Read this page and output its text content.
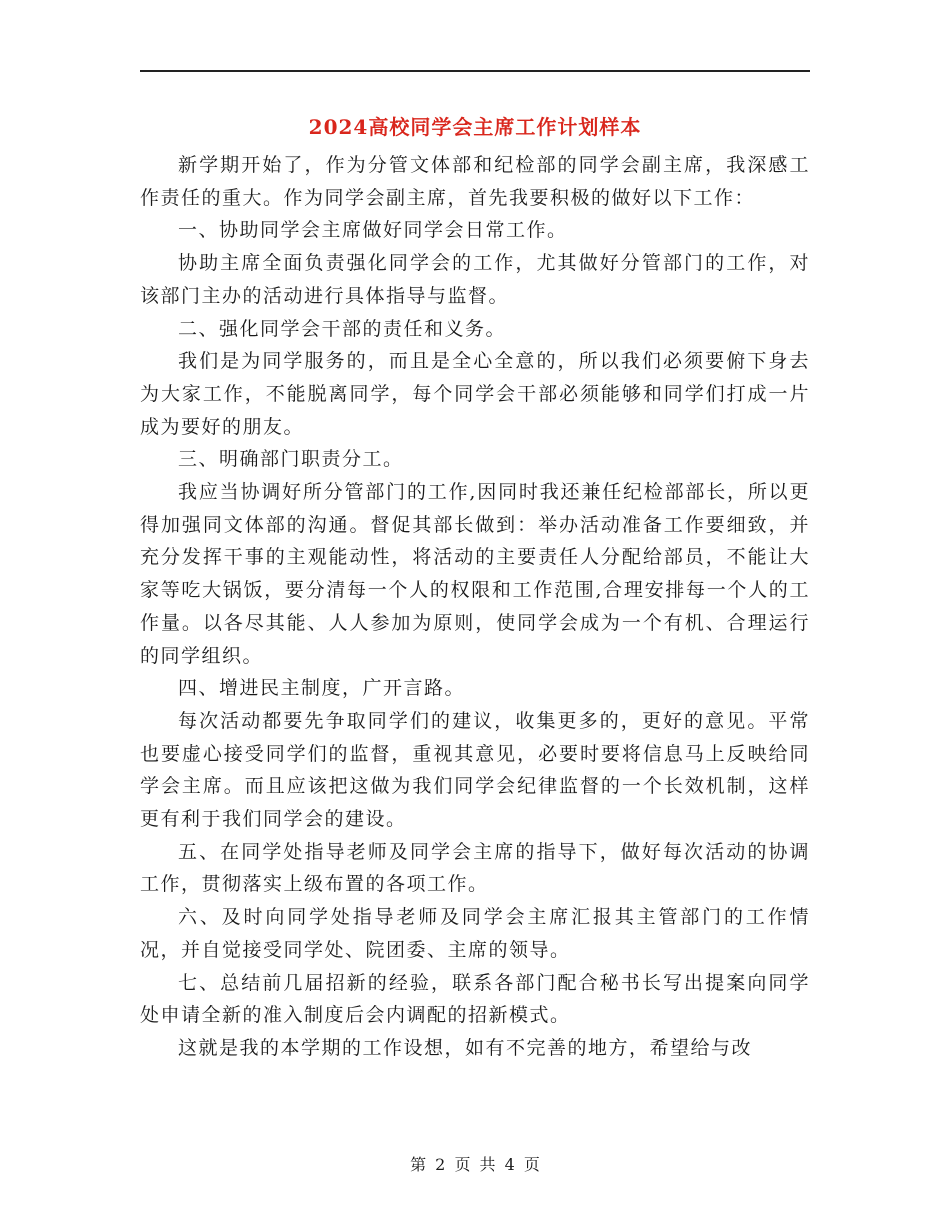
2024高校同学会主席工作计划样本

新学期开始了，作为分管文体部和纪检部的同学会副主席，我深感工作责任的重大。作为同学会副主席，首先我要积极的做好以下工作：

一、协助同学会主席做好同学会日常工作。

协助主席全面负责强化同学会的工作，尤其做好分管部门的工作，对该部门主办的活动进行具体指导与监督。

二、强化同学会干部的责任和义务。

我们是为同学服务的，而且是全心全意的，所以我们必须要俯下身去为大家工作，不能脱离同学，每个同学会干部必须能够和同学们打成一片成为要好的朋友。

三、明确部门职责分工。

我应当协调好所分管部门的工作,因同时我还兼任纪检部部长，所以更得加强同文体部的沟通。督促其部长做到：举办活动准备工作要细致，并充分发挥干事的主观能动性，将活动的主要责任人分配给部员，不能让大家等吃大锅饭，要分清每一个人的权限和工作范围,合理安排每一个人的工作量。以各尽其能、人人参加为原则，使同学会成为一个有机、合理运行的同学组织。

四、增进民主制度，广开言路。

每次活动都要先争取同学们的建议，收集更多的，更好的意见。平常也要虚心接受同学们的监督，重视其意见，必要时要将信息马上反映给同学会主席。而且应该把这做为我们同学会纪律监督的一个长效机制，这样更有利于我们同学会的建设。

五、在同学处指导老师及同学会主席的指导下，做好每次活动的协调工作，贯彻落实上级布置的各项工作。

六、及时向同学处指导老师及同学会主席汇报其主管部门的工作情况，并自觉接受同学处、院团委、主席的领导。

七、总结前几届招新的经验，联系各部门配合秘书长写出提案向同学处申请全新的准入制度后会内调配的招新模式。

这就是我的本学期的工作设想，如有不完善的地方，希望给与改

第 2 页 共 4 页
